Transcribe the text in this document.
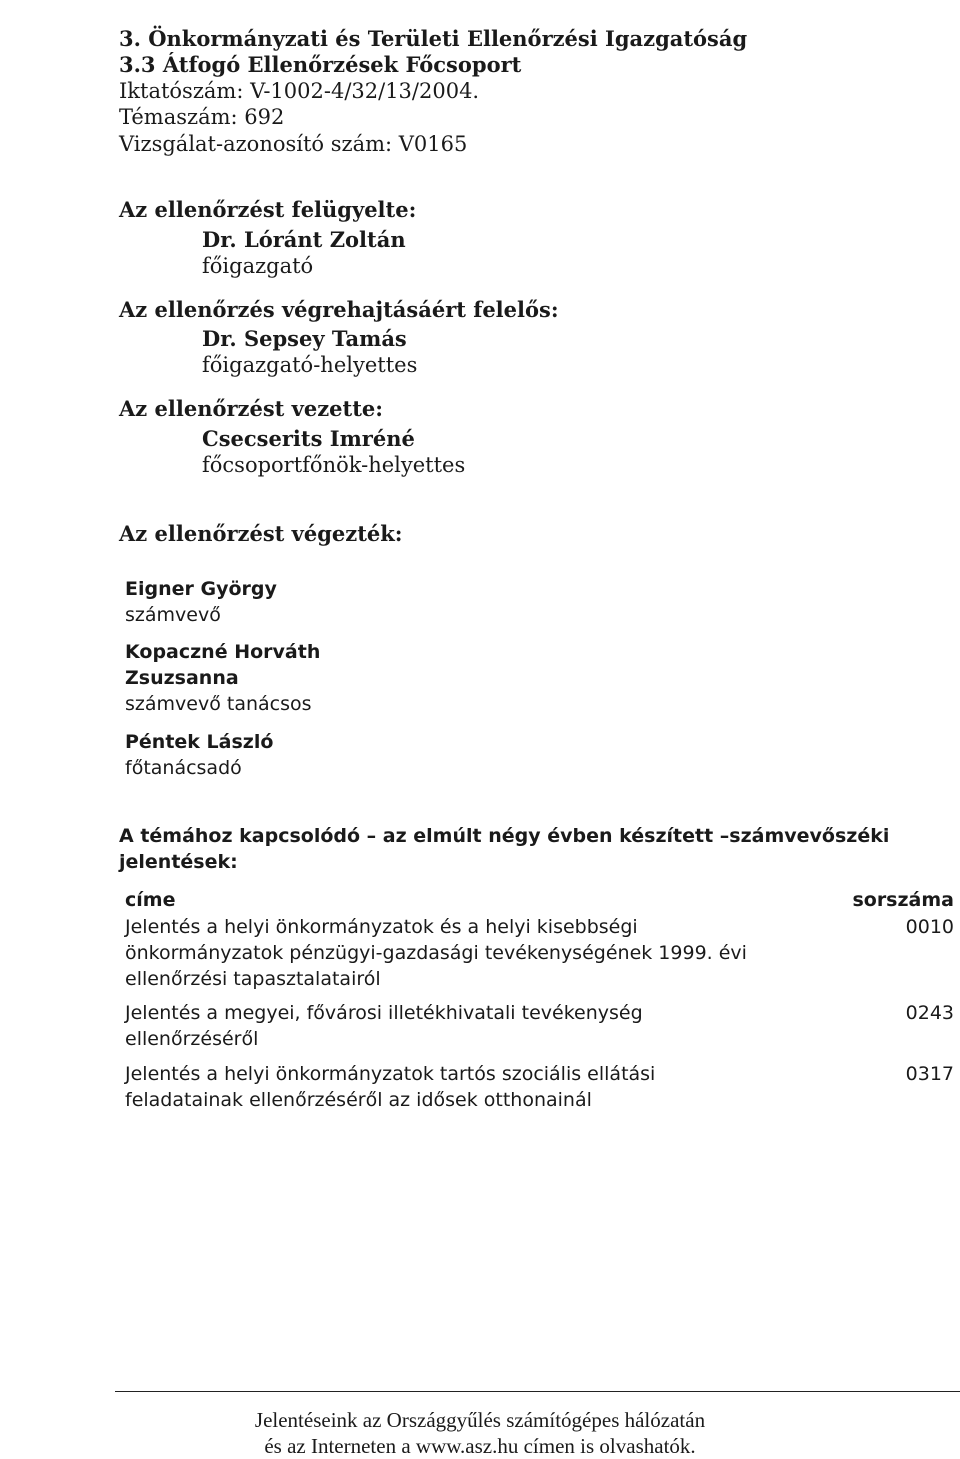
3. Önkormányzati és Területi Ellenőrzési Igazgatóság
3.3 Átfogó Ellenőrzések Főcsoport
Iktatószám: V-1002-4/32/13/2004.
Témaszám: 692
Vizsgálat-azonosító szám: V0165
Az ellenőrzést felügyelte:
Dr. Lóránt Zoltán
főigazgató
Az ellenőrzés végrehajtásáért felelős:
Dr. Sepsey Tamás
főigazgató-helyettes
Az ellenőrzést vezette:
Csecserits Imréné
főcsoportfőnök-helyettes
Az ellenőrzést végezték:
Eigner György
számvevő
Kopaczné Horváth
Zsuzsanna
számvevő tanácsos
Péntek László
főtanácsadó
A témához kapcsolódó – az elmúlt négy évben készített –számvevőszéki
jelentések:
címe	sorszáma
Jelentés a helyi önkormányzatok és a helyi kisebbségi
önkormányzatok pénzügyi-gazdasági tevékenységének 1999. évi
ellenőrzési tapasztalatairól
0010
Jelentés a megyei, fővárosi illetékhivatali tevékenység
ellenőrzéséről
0243
Jelentés a helyi önkormányzatok tartós szociális ellátási
feladatainak ellenőrzéséről az idősek otthonainál
0317
Jelentéseink az Országgyűlés számítógépes hálózatán
és az Interneten a www.asz.hu címen is olvashatók.
